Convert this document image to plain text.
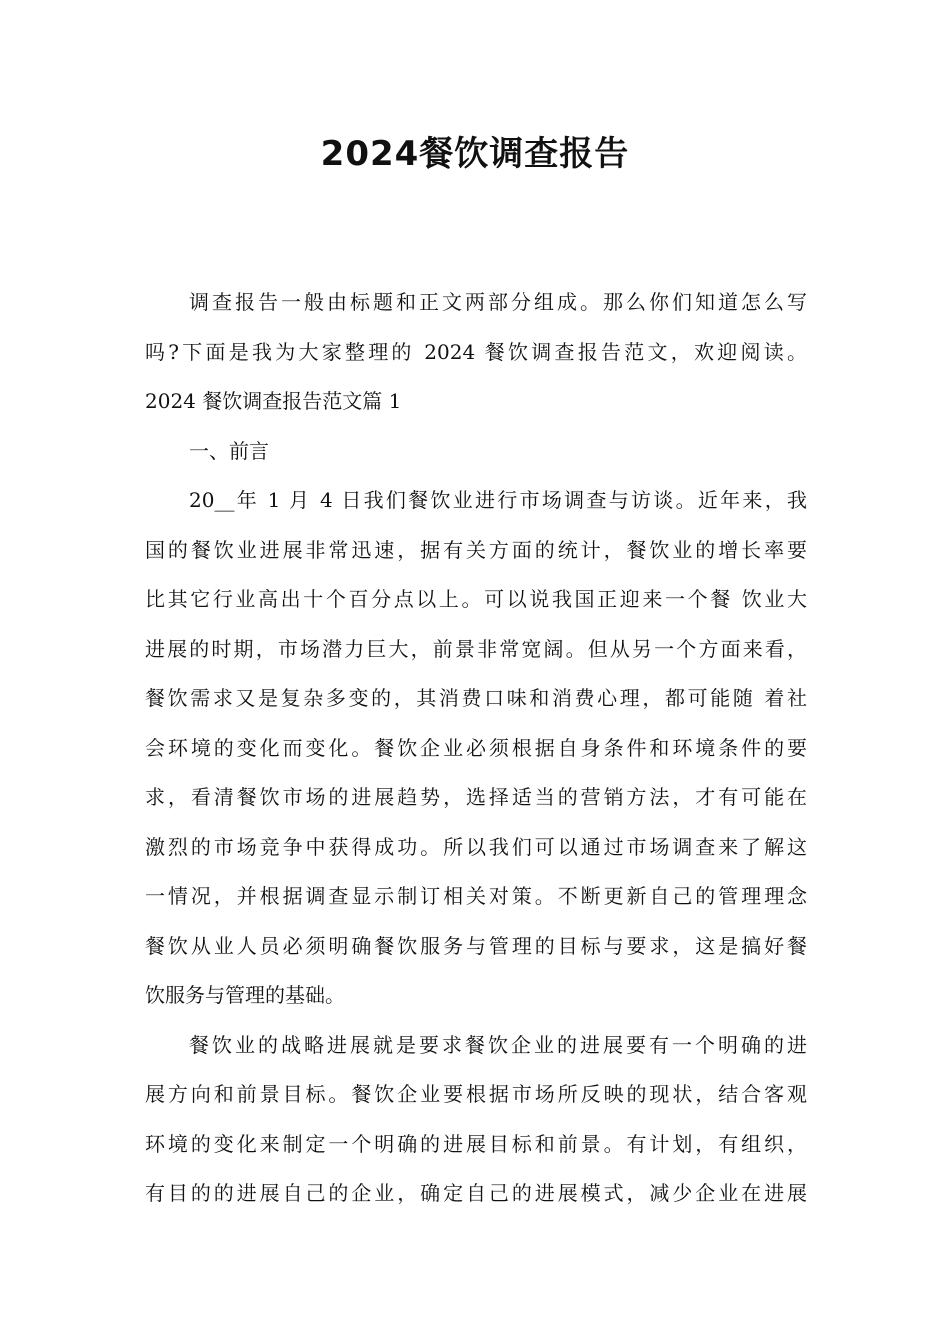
2024餐饮调查报告
调查报告一般由标题和正文两部分组成。那么你们知道怎么写
吗?下面是我为大家整理的 2024 餐饮调查报告范文，欢迎阅读。
2024 餐饮调查报告范文篇 1
一、前言
20__年 1 月 4 日我们餐饮业进行市场调查与访谈。近年来，我
国的餐饮业进展非常迅速，据有关方面的统计，餐饮业的增长率要
比其它行业高出十个百分点以上。可以说我国正迎来一个餐 饮业大
进展的时期，市场潜力巨大，前景非常宽阔。但从另一个方面来看，
餐饮需求又是复杂多变的，其消费口味和消费心理，都可能随 着社
会环境的变化而变化。餐饮企业必须根据自身条件和环境条件的要
求，看清餐饮市场的进展趋势，选择适当的营销方法，才有可能在
激烈的市场竞争中获得成功。所以我们可以通过市场调查来了解这
一情况，并根据调查显示制订相关对策。不断更新自己的管理理念
餐饮从业人员必须明确餐饮服务与管理的目标与要求，这是搞好餐
饮服务与管理的基础。
餐饮业的战略进展就是要求餐饮企业的进展要有一个明确的进
展方向和前景目标。餐饮企业要根据市场所反映的现状，结合客观
环境的变化来制定一个明确的进展目标和前景。有计划，有组织，
有目的的进展自己的企业，确定自己的进展模式，减少企业在进展
